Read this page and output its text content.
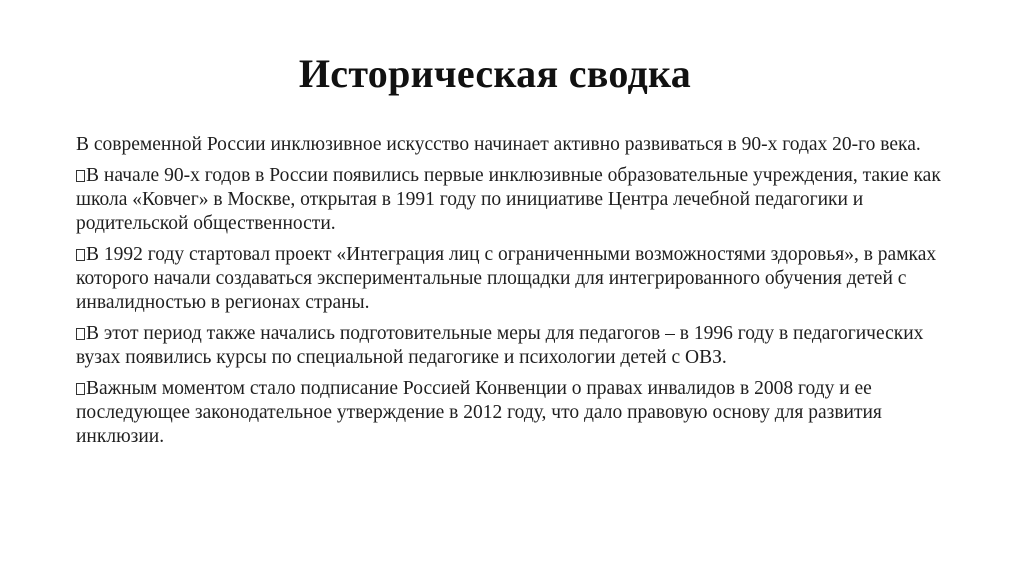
Историческая сводка

В современной России инклюзивное искусство начинает активно развиваться в 90-х годах 20-го века.

В начале 90-х годов в России появились первые инклюзивные образовательные учреждения, такие как школа «Ковчег» в Москве, открытая в 1991 году по инициативе Центра лечебной педагогики и родительской общественности.

В 1992 году стартовал проект «Интеграция лиц с ограниченными возможностями здоровья», в рамках которого начали создаваться экспериментальные площадки для интегрированного обучения детей с инвалидностью в регионах страны.

В этот период также начались подготовительные меры для педагогов – в 1996 году в педагогических вузах появились курсы по специальной педагогике и психологии детей с ОВЗ.

Важным моментом стало подписание Россией Конвенции о правах инвалидов в 2008 году и ее последующее законодательное утверждение в 2012 году, что дало правовую основу для развития инклюзии.
